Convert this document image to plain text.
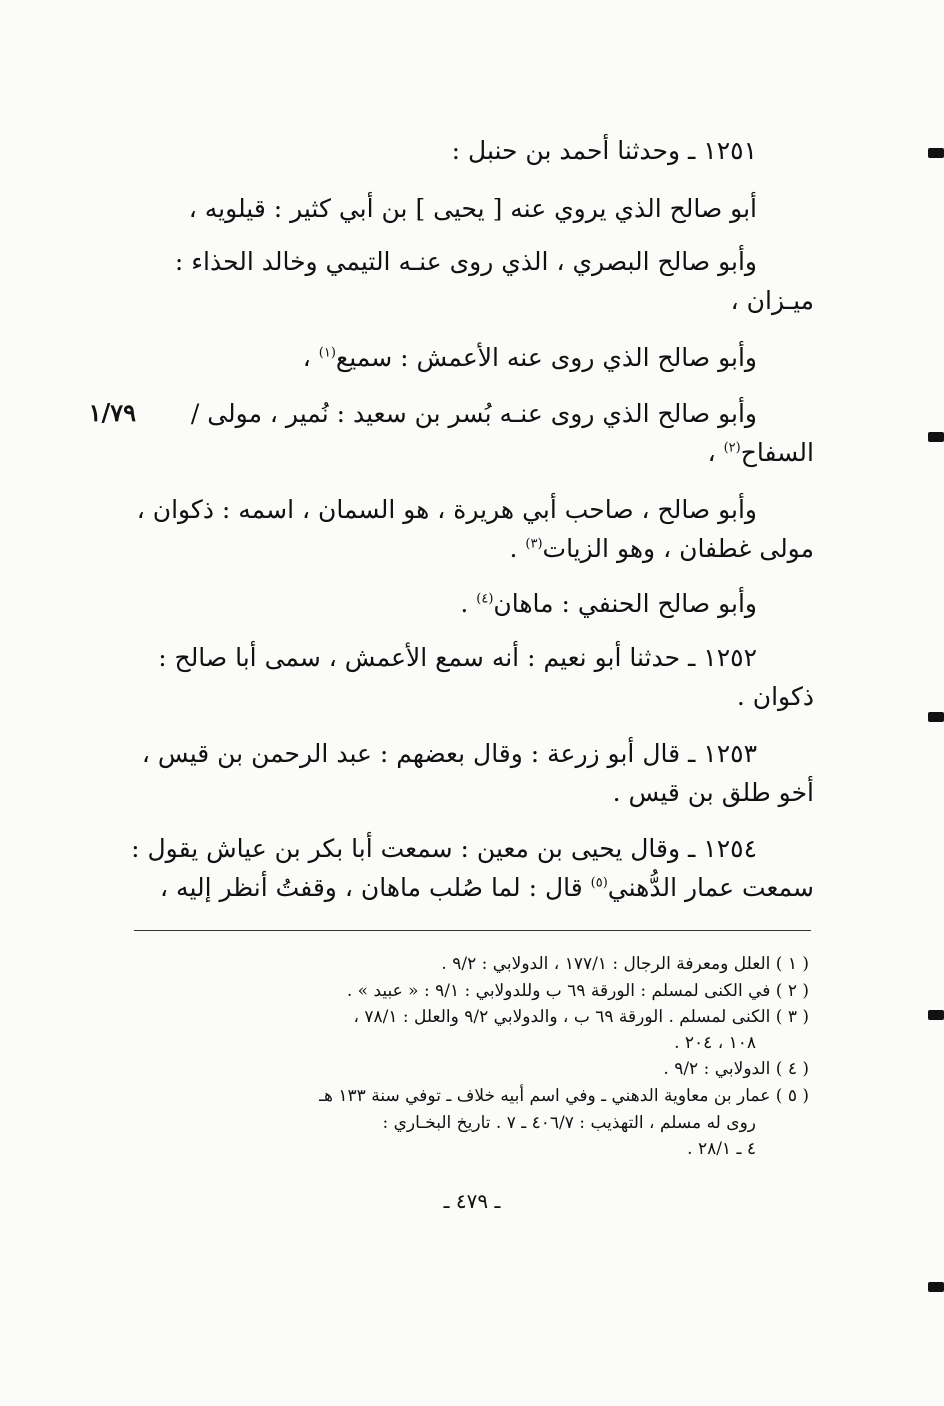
١٢٥١ ـ وحدثنا أحمد بن حنبل :
أبو صالح الذي يروي عنه [ يحيى ] بن أبي كثير : قيلويه ،
وأبو صالح البصري ، الذي روى عنـه التيمي وخالد الحذاء :
ميـزان ،
وأبو صالح الذي روى عنه الأعمش : سميع$^{(١)}$ ،
وأبو صالح الذي روى عنـه بُسر بن سعيد : نُمير ، مولى /
١/٧٩
السفاح$^{(٢)}$ ،
وأبو صالح ، صاحب أبي هريرة ، هو السمان ، اسمه : ذكوان ،
مولى غطفان ، وهو الزيات$^{(٣)}$ .
وأبو صالح الحنفي : ماهان$^{(٤)}$ .
١٢٥٢ ـ حدثنا أبو نعيم : أنه سمع الأعمش ، سمى أبا صالح :
ذكوان .
١٢٥٣ ـ قال أبو زرعة : وقال بعضهم : عبد الرحمن بن قيس ،
أخو طلق بن قيس .
١٢٥٤ ـ وقال يحيى بن معين : سمعت أبا بكر بن عياش يقول :
سمعت عمار الدُّهني$^{(٥)}$ قال : لما صُلب ماهان ، وقفتُ أنظر إليه ،
( ١ ) العلل ومعرفة الرجال : ١٧٧/١ ، الدولابي : ٩/٢ .
( ٢ ) في الكنى لمسلم : الورقة ٦٩ ب وللدولابي : ٩/١ : « عبيد » .
( ٣ ) الكنى لمسلم . الورقة ٦٩ ب ، والدولابي ٩/٢ والعلل : ٧٨/١ ،
١٠٨ ، ٢٠٤ .
( ٤ ) الدولابي : ٩/٢ .
( ٥ ) عمار بن معاوية الدهني ـ وفي اسم أبيه خلاف ـ توفي سنة ١٣٣ هـ
روى له مسلم ، التهذيب : ٤٠٦/٧ ـ ٧ . تاريخ البخـاري :
٤ ـ ٢٨/١ .
ـ ٤٧٩ ـ
